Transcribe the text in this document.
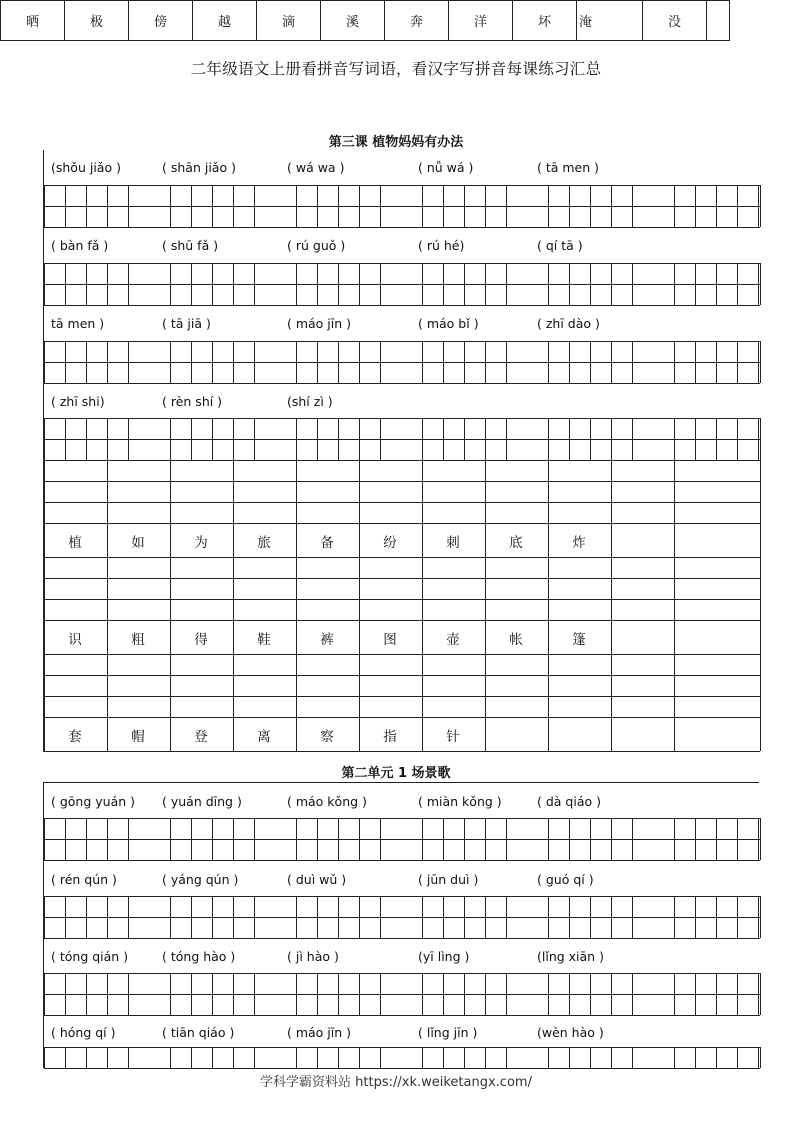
二年级语文上册看拼音写词语，看汉字写拼音每课练习汇总
晒	极	傍	越	滴	溪	奔	洋	坏	淹	没	
第三课 植物妈妈有办法
(shǒu jiǎo )	( shān jiǎo )	( wá wa )	( nǚ wá )	( tā men )
( bàn fǎ )	( shū fǎ )	( rú guǒ )	( rú hé)	( qí tā )
tā men )	( tā jiā )	( máo jīn )	( máo bǐ )	( zhī dào )
( zhī shi)	( rèn shí )	(shí zì )
植	如	为	旅	备	纷	刺	底	炸
识	粗	得	鞋	裤	图	壶	帐	篷
套	帽	登	离	察	指	针
第二单元 1 场景歌
( gōng yuán ) ( yuán dīng )	( máo kǒng )	( miàn kǒng )	( dà qiáo )
( rén qún )	( yáng qún )	( duì wǔ )	( jūn duì )	( guó qí )
( tóng qián )	( tóng hào )	( jì hào )	(yī lìng )	(lǐng xiān )
( hóng qí )	( tiān qiáo )	( máo jīn )	( lǐng jīn )	(wèn hào )
学科学霸资料站 https://xk.weiketangx.com/
